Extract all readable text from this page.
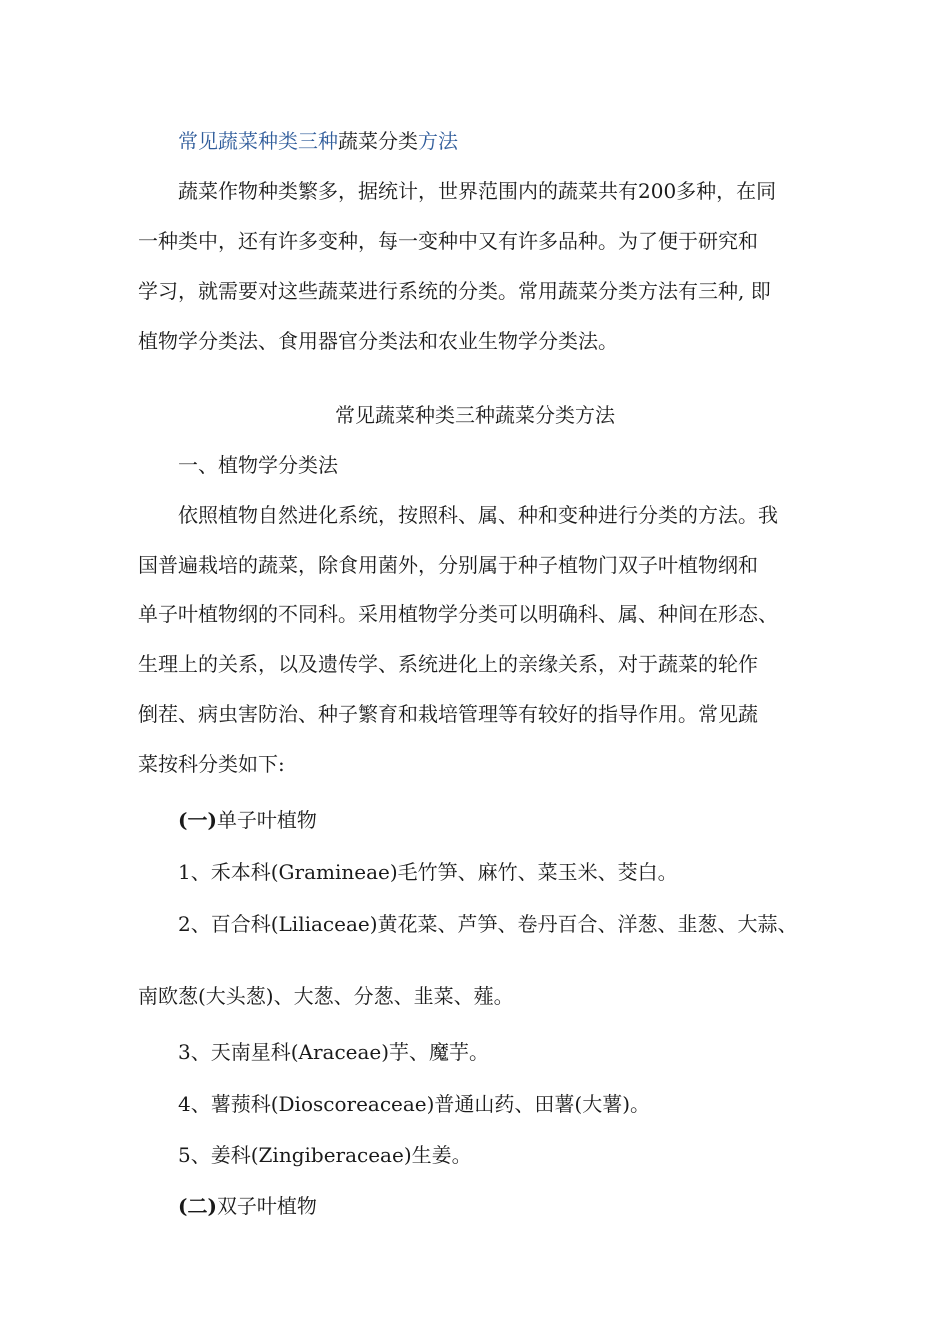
常见蔬菜种类三种蔬菜分类方法
蔬菜作物种类繁多，据统计，世界范围内的蔬菜共有200多种，在同
一种类中，还有许多变种，每一变种中又有许多品种。为了便于研究和
学习，就需要对这些蔬菜进行系统的分类。常用蔬菜分类方法有三种, 即
植物学分类法、食用器官分类法和农业生物学分类法。
常见蔬菜种类三种蔬菜分类方法
一、植物学分类法
依照植物自然进化系统，按照科、属、种和变种进行分类的方法。我
国普遍栽培的蔬菜，除食用菌外，分别属于种子植物门双子叶植物纲和
单子叶植物纲的不同科。采用植物学分类可以明确科、属、种间在形态、
生理上的关系，以及遗传学、系统进化上的亲缘关系，对于蔬菜的轮作
倒茬、病虫害防治、种子繁育和栽培管理等有较好的指导作用。常见蔬
菜按科分类如下:
(一)单子叶植物
1、禾本科(Gramineae)毛竹笋、麻竹、菜玉米、茭白。
2、百合科(Liliaceae)黄花菜、芦笋、卷丹百合、洋葱、韭葱、大蒜、
南欧葱(大头葱)、大葱、分葱、韭菜、薤。
3、天南星科(Araceae)芋、魔芋。
4、薯蓣科(Dioscoreaceae)普通山药、田薯(大薯)。
5、姜科(Zingiberaceae)生姜。
(二)双子叶植物
